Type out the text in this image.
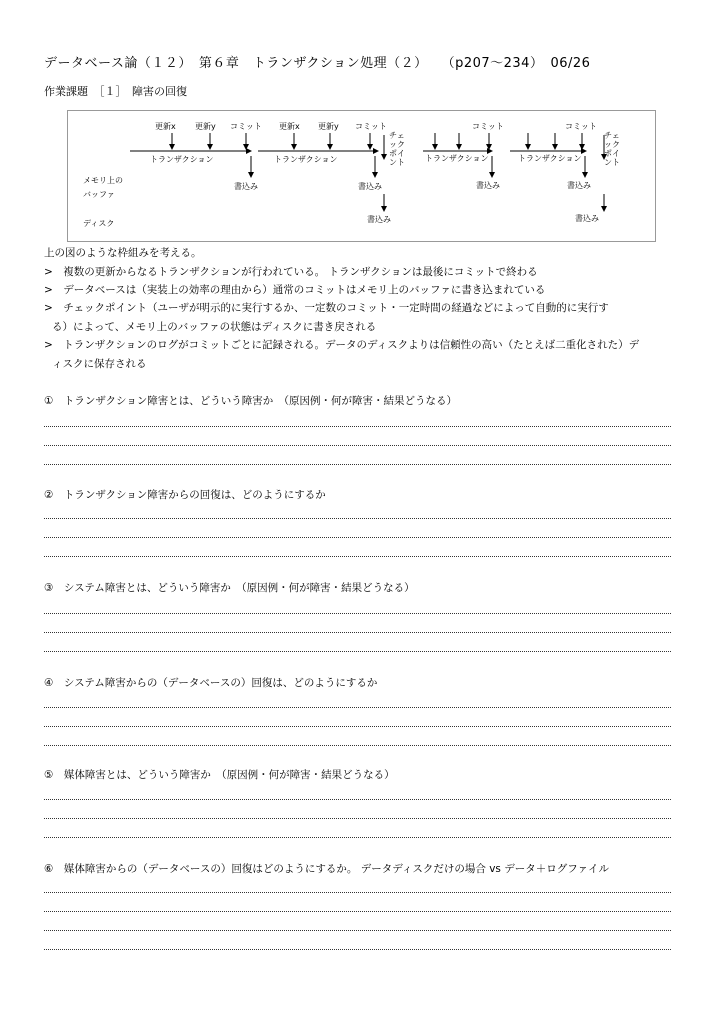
データベース論（１２）　第６章　トランザクション処理（２）　　（p207〜234）　06/26
作業課題　［１］　障害の回復
更新x 更新y コミット 更新x 更新y コミット	コミット	コミット
トランザクション	トランザクション	トランザクション	トランザクション
チェックポイント
チェックポイント
書込み	書込み	書込み	書込み
書込み	書込み
メモリ上の
バッファ
ディスク
上の図のような枠組みを考える。
>　複数の更新からなるトランザクションが行われている。 トランザクションは最後にコミットで終わる
>　データベースは（実装上の効率の理由から）通常のコミットはメモリ上のバッファに書き込まれている
>　チェックポイント（ユーザが明示的に実行するか、一定数のコミット・一定時間の経過などによって自動的に実行す
る）によって、メモリ上のバッファの状態はディスクに書き戻される
>　トランザクションのログがコミットごとに記録される。データのディスクよりは信頼性の高い（たとえば二重化された）デ
ィスクに保存される
①　トランザクション障害とは、どういう障害か　（原因例・何が障害・結果どうなる）
②　トランザクション障害からの回復は、どのようにするか
③　システム障害とは、どういう障害か　（原因例・何が障害・結果どうなる）
④　システム障害からの（データベースの）回復は、どのようにするか
⑤　媒体障害とは、どういう障害か　（原因例・何が障害・結果どうなる）
⑥　媒体障害からの（データベースの）回復はどのようにするか。 データディスクだけの場合 vs データ＋ログファイル
